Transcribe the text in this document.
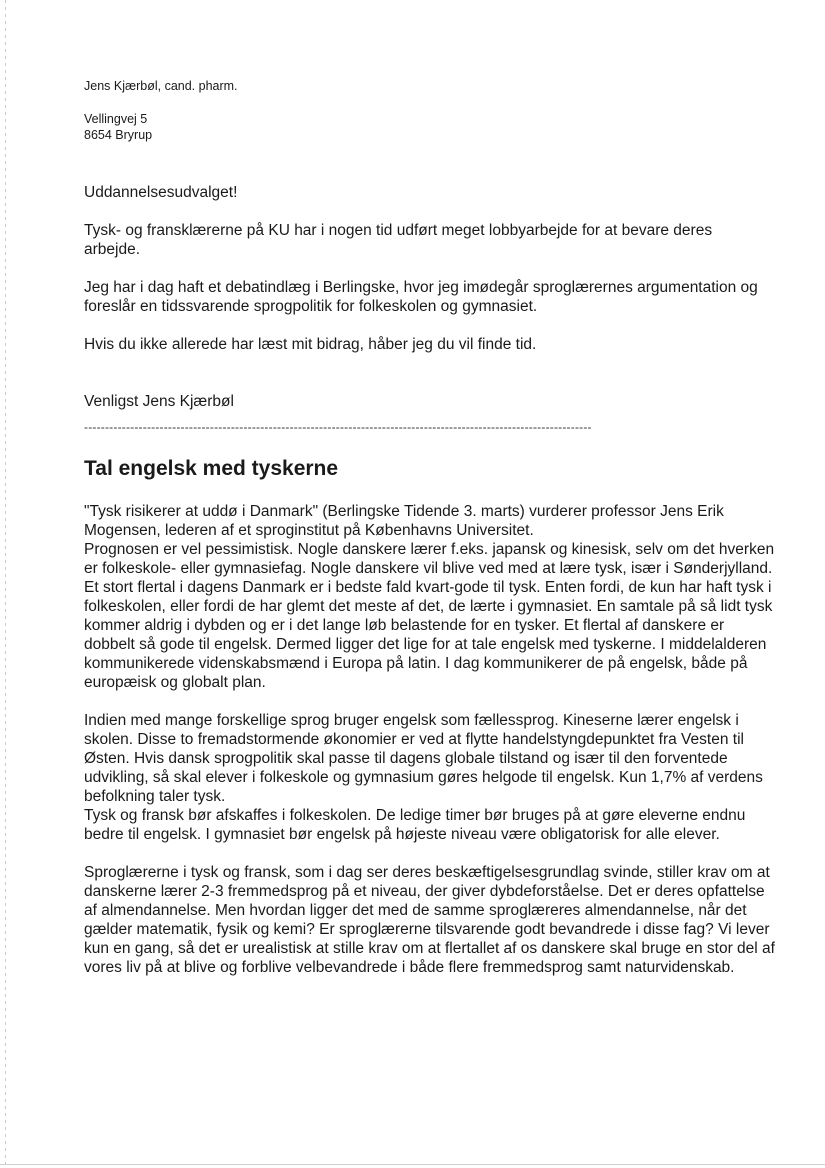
Jens Kjærbøl, cand. pharm.
Vellingvej 5
8654 Bryrup

Uddannelsesudvalget!

Tysk- og fransklærerne på KU har i nogen tid udført meget lobbyarbejde for at bevare deres arbejde.

Jeg har i dag haft et debatindlæg i Berlingske, hvor jeg imødegår sproglærernes argumentation og foreslår en tidssvarende sprogpolitik for folkeskolen og gymnasiet.

Hvis du ikke allerede har læst mit bidrag, håber jeg du vil finde tid.

Venligst Jens Kjærbøl

-------------------------------------------------------------------------------------------------------------------------
Tal engelsk med tyskerne

"Tysk risikerer at uddø i Danmark" (Berlingske Tidende 3. marts) vurderer professor Jens Erik Mogensen, lederen af et sproginstitut på Københavns Universitet.

Prognosen er vel pessimistisk. Nogle danskere lærer f.eks. japansk og kinesisk, selv om det hverken er folkeskole- eller gymnasiefag. Nogle danskere vil blive ved med at lære tysk, især i Sønderjylland.

Et stort flertal i dagens Danmark er i bedste fald kvart-gode til tysk. Enten fordi, de kun har haft tysk i folkeskolen, eller fordi de har glemt det meste af det, de lærte i gymnasiet. En samtale på så lidt tysk kommer aldrig i dybden og er i det lange løb belastende for en tysker. Et flertal af danskere er dobbelt så gode til engelsk. Dermed ligger det lige for at tale engelsk med tyskerne. I middelalderen kommunikerede videnskabsmænd i Europa på latin. I dag kommunikerer de på engelsk, både på europæisk og globalt plan.

Indien med mange forskellige sprog bruger engelsk som fællessprog. Kineserne lærer engelsk i skolen. Disse to fremadstormende økonomier er ved at flytte handelstyngdepunktet fra Vesten til Østen. Hvis dansk sprogpolitik skal passe til dagens globale tilstand og især til den forventede udvikling, så skal elever i folkeskole og gymnasium gøres helgode til engelsk. Kun 1,7% af verdens befolkning taler tysk.

Tysk og fransk bør afskaffes i folkeskolen. De ledige timer bør bruges på at gøre eleverne endnu bedre til engelsk. I gymnasiet bør engelsk på højeste niveau være obligatorisk for alle elever.

Sproglærerne i tysk og fransk, som i dag ser deres beskæftigelsesgrundlag svinde, stiller krav om at danskerne lærer 2-3 fremmedsprog på et niveau, der giver dybdeforståelse. Det er deres opfattelse af almendannelse. Men hvordan ligger det med de samme sproglæreres almendannelse, når det gælder matematik, fysik og kemi? Er sproglærerne tilsvarende godt bevandrede i disse fag? Vi lever kun en gang, så det er urealistisk at stille krav om at flertallet af os danskere skal bruge en stor del af vores liv på at blive og forblive velbevandrede i både flere fremmedsprog samt naturvidenskab.
